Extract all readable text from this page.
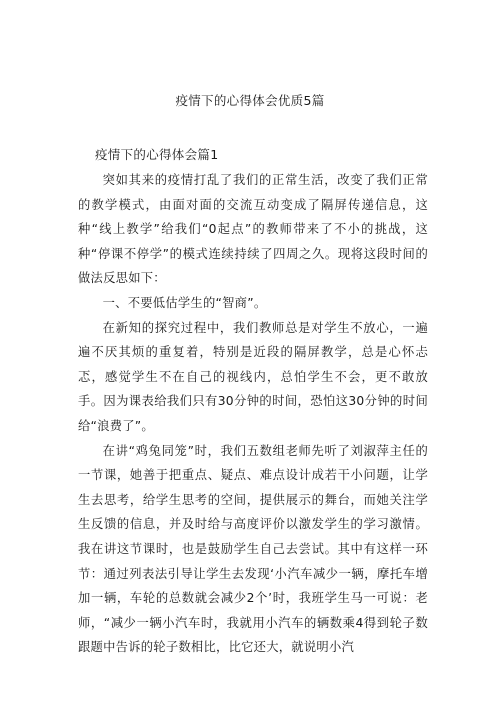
疫情下的心得体会优质5篇
疫情下的心得体会篇1

突如其来的疫情打乱了我们的正常生活，改变了我们正常的教学模式，由面对面的交流互动变成了隔屏传递信息，这种“线上教学”给我们“0起点”的教师带来了不小的挑战，这种“停课不停学”的模式连续持续了四周之久。现将这段时间的做法反思如下：

一、不要低估学生的“智商”。

在新知的探究过程中，我们教师总是对学生不放心，一遍遍不厌其烦的重复着，特别是近段的隔屏教学，总是心怀忐忑，感觉学生不在自己的视线内，总怕学生不会，更不敢放手。因为课表给我们只有30分钟的时间，恐怕这30分钟的时间给“浪费了”。

在讲“鸡兔同笼”时，我们五数组老师先听了刘淑萍主任的一节课，她善于把重点、疑点、难点设计成若干小问题，让学生去思考，给学生思考的空间，提供展示的舞台，而她关注学生反馈的信息，并及时给与高度评价以激发学生的学习激情。我在讲这节课时，也是鼓励学生自己去尝试。其中有这样一环节：通过列表法引导让学生去发现‘小汽车减少一辆，摩托车增加一辆，车轮的总数就会减少2个’时，我班学生马一可说：老师，“减少一辆小汽车时，我就用小汽车的辆数乘4得到轮子数跟题中告诉的轮子数相比，比它还大，就说明小汽
